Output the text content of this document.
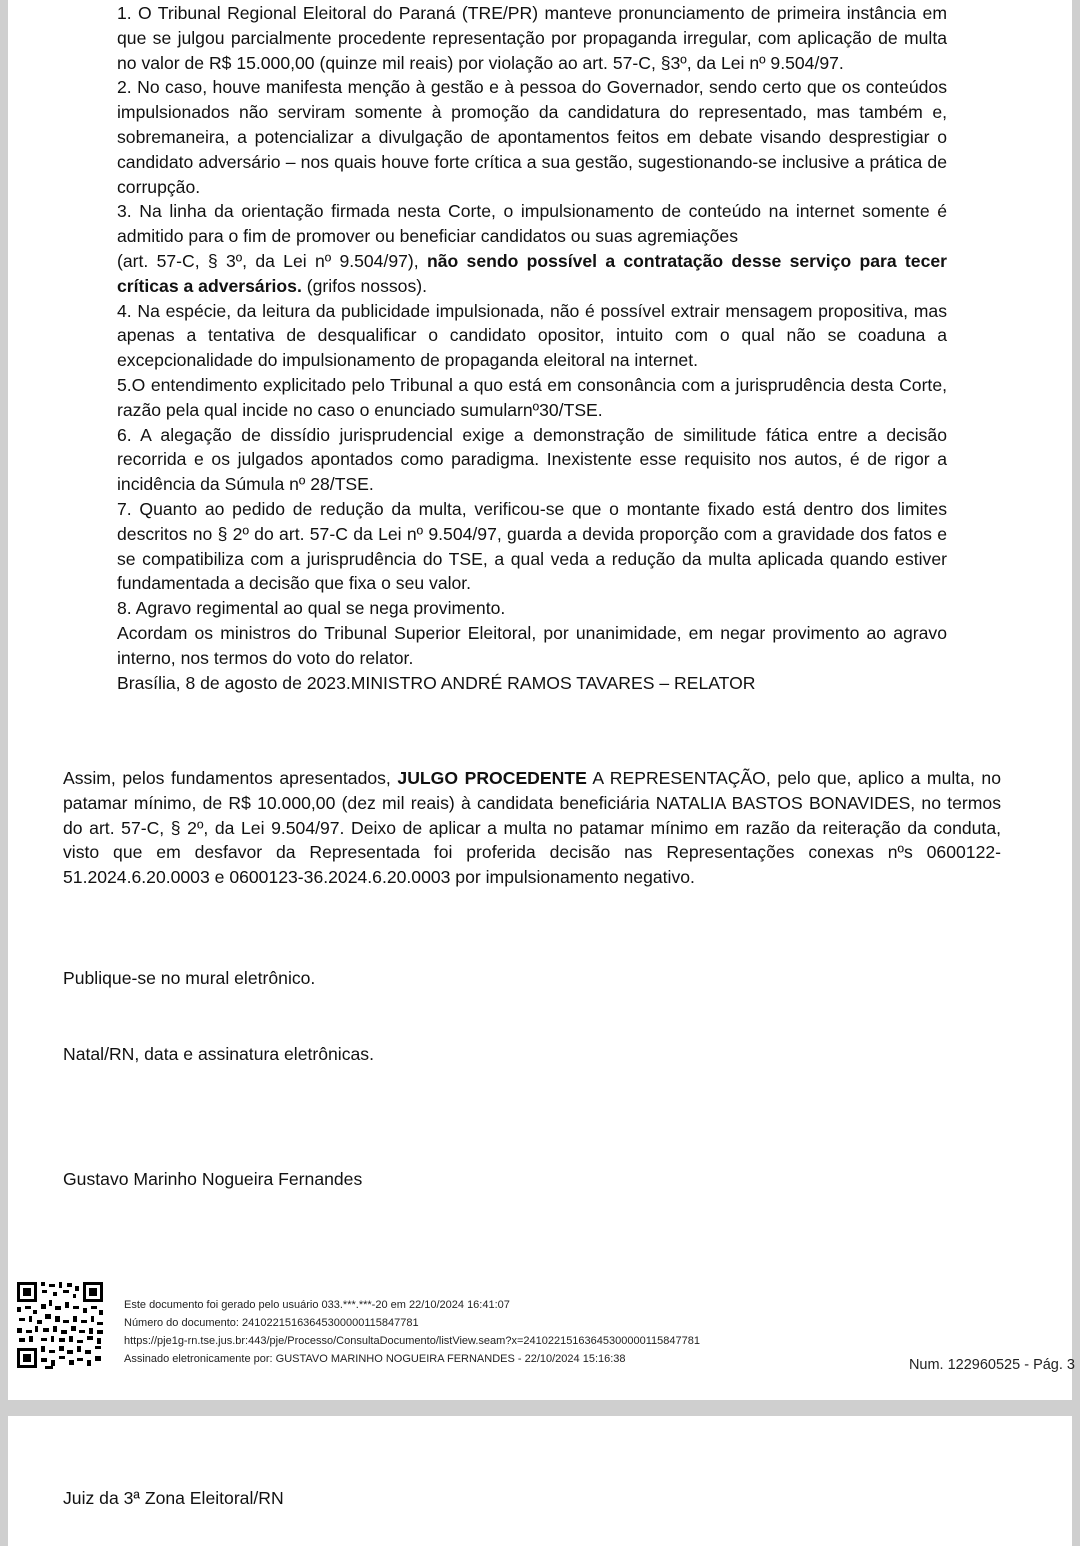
1. O Tribunal Regional Eleitoral do Paraná (TRE/PR) manteve pronunciamento de primeira instância em que se julgou parcialmente procedente representação por propaganda irregular, com aplicação de multa no valor de R$ 15.000,00 (quinze mil reais) por violação ao art. 57-C, §3º, da Lei nº 9.504/97.

2. No caso, houve manifesta menção à gestão e à pessoa do Governador, sendo certo que os conteúdos impulsionados não serviram somente à promoção da candidatura do representado, mas também e, sobremaneira, a potencializar a divulgação de apontamentos feitos em debate visando desprestigiar o candidato adversário – nos quais houve forte crítica a sua gestão, sugestionando-se inclusive a prática de corrupção.

3. Na linha da orientação firmada nesta Corte, o impulsionamento de conteúdo na internet somente é admitido para o fim de promover ou beneficiar candidatos ou suas agremiações

(art. 57-C, § 3º, da Lei nº 9.504/97), não sendo possível a contratação desse serviço para tecer críticas a adversários. (grifos nossos).

4. Na espécie, da leitura da publicidade impulsionada, não é possível extrair mensagem propositiva, mas apenas a tentativa de desqualificar o candidato opositor, intuito com o qual não se coaduna a excepcionalidade do impulsionamento de propaganda eleitoral na internet.

5.O entendimento explicitado pelo Tribunal a quo está em consonância com a jurisprudência desta Corte, razão pela qual incide no caso o enunciado sumularnº30/TSE.

6. A alegação de dissídio jurisprudencial exige a demonstração de similitude fática entre a decisão recorrida e os julgados apontados como paradigma. Inexistente esse requisito nos autos, é de rigor a incidência da Súmula nº 28/TSE.

7. Quanto ao pedido de redução da multa, verificou-se que o montante fixado está dentro dos limites descritos no § 2º do art. 57-C da Lei nº 9.504/97, guarda a devida proporção com a gravidade dos fatos e se compatibiliza com a jurisprudência do TSE, a qual veda a redução da multa aplicada quando estiver fundamentada a decisão que fixa o seu valor.

8. Agravo regimental ao qual se nega provimento.

Acordam os ministros do Tribunal Superior Eleitoral, por unanimidade, em negar provimento ao agravo interno, nos termos do voto do relator.

Brasília, 8 de agosto de 2023.MINISTRO ANDRÉ RAMOS TAVARES – RELATOR

Assim, pelos fundamentos apresentados, JULGO PROCEDENTE A REPRESENTAÇÃO, pelo que, aplico a multa, no patamar mínimo, de R$ 10.000,00 (dez mil reais) à candidata beneficiária NATALIA BASTOS BONAVIDES, no termos do art. 57-C, § 2º, da Lei 9.504/97. Deixo de aplicar a multa no patamar mínimo em razão da reiteração da conduta, visto que em desfavor da Representada foi proferida decisão nas Representações conexas nºs 0600122-51.2024.6.20.0003 e 0600123-36.2024.6.20.0003 por impulsionamento negativo.

Publique-se no mural eletrônico.

Natal/RN, data e assinatura eletrônicas.

Gustavo Marinho Nogueira Fernandes

Este documento foi gerado pelo usuário 033.***.***-20 em 22/10/2024 16:41:07
Número do documento: 24102215163645300000115847781
https://pje1g-rn.tse.jus.br:443/pje/Processo/ConsultaDocumento/listView.seam?x=24102215163645300000115847781
Assinado eletronicamente por: GUSTAVO MARINHO NOGUEIRA FERNANDES - 22/10/2024 15:16:38	Num. 122960525 - Pág. 3

Juiz da 3ª Zona Eleitoral/RN
